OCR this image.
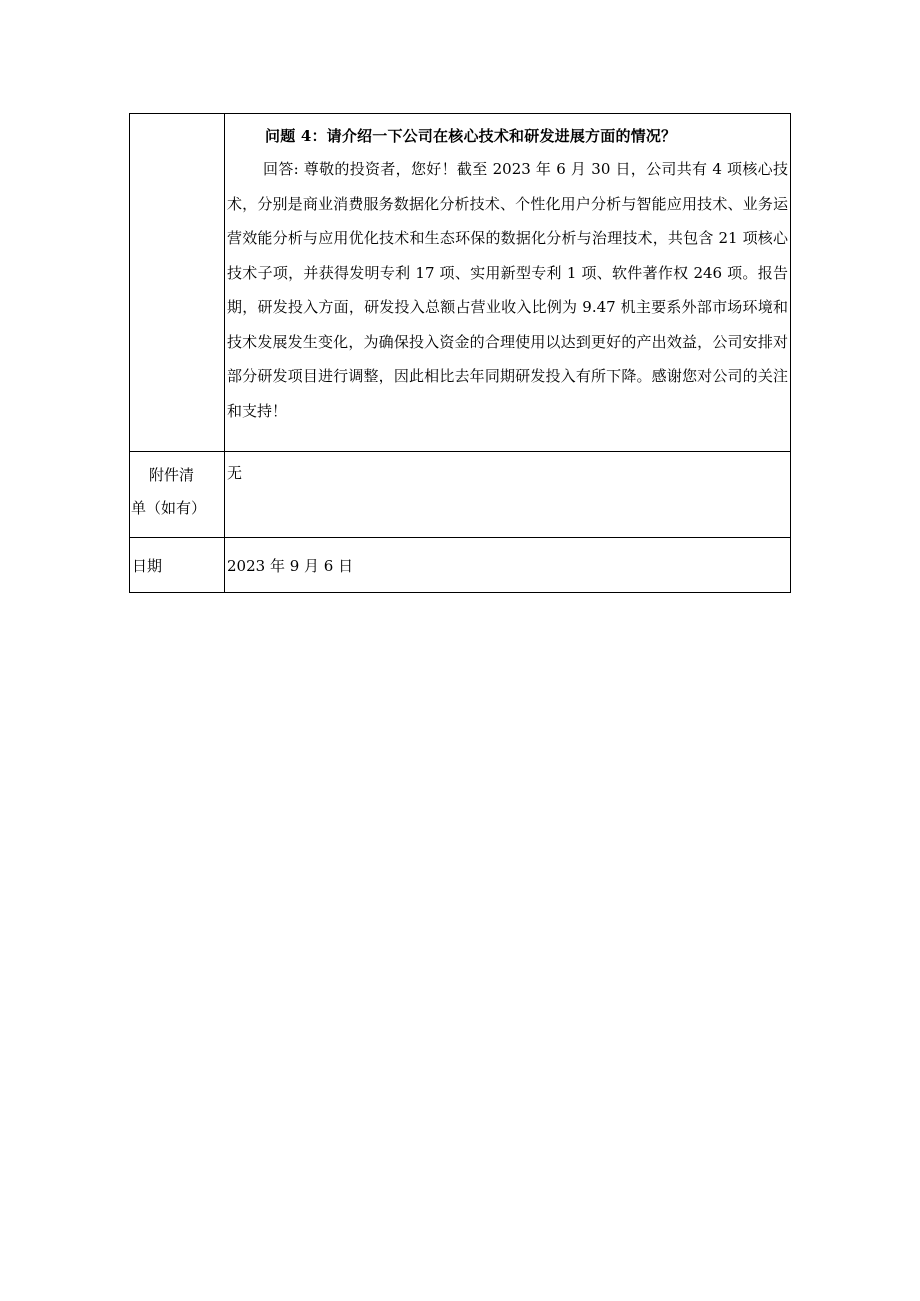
	问题 4：请介绍一下公司在核心技术和研发进展方面的情况？

回答: 尊敬的投资者，您好！截至 2023 年 6 月 30 日，公司共有 4 项核心技术，分别是商业消费服务数据化分析技术、个性化用户分析与智能应用技术、业务运营效能分析与应用优化技术和生态环保的数据化分析与治理技术，共包含 21 项核心技术子项，并获得发明专利 17 项、实用新型专利 1 项、软件著作权 246 项。报告期，研发投入方面，研发投入总额占营业收入比例为 9.47 机主要系外部市场环境和技术发展发生变化，为确保投入资金的合理使用以达到更好的产出效益，公司安排对部分研发项目进行调整，因此相比去年同期研发投入有所下降。感谢您对公司的关注和支持！

附件清
单（如有）	无
日期	2023 年 9 月 6 日
